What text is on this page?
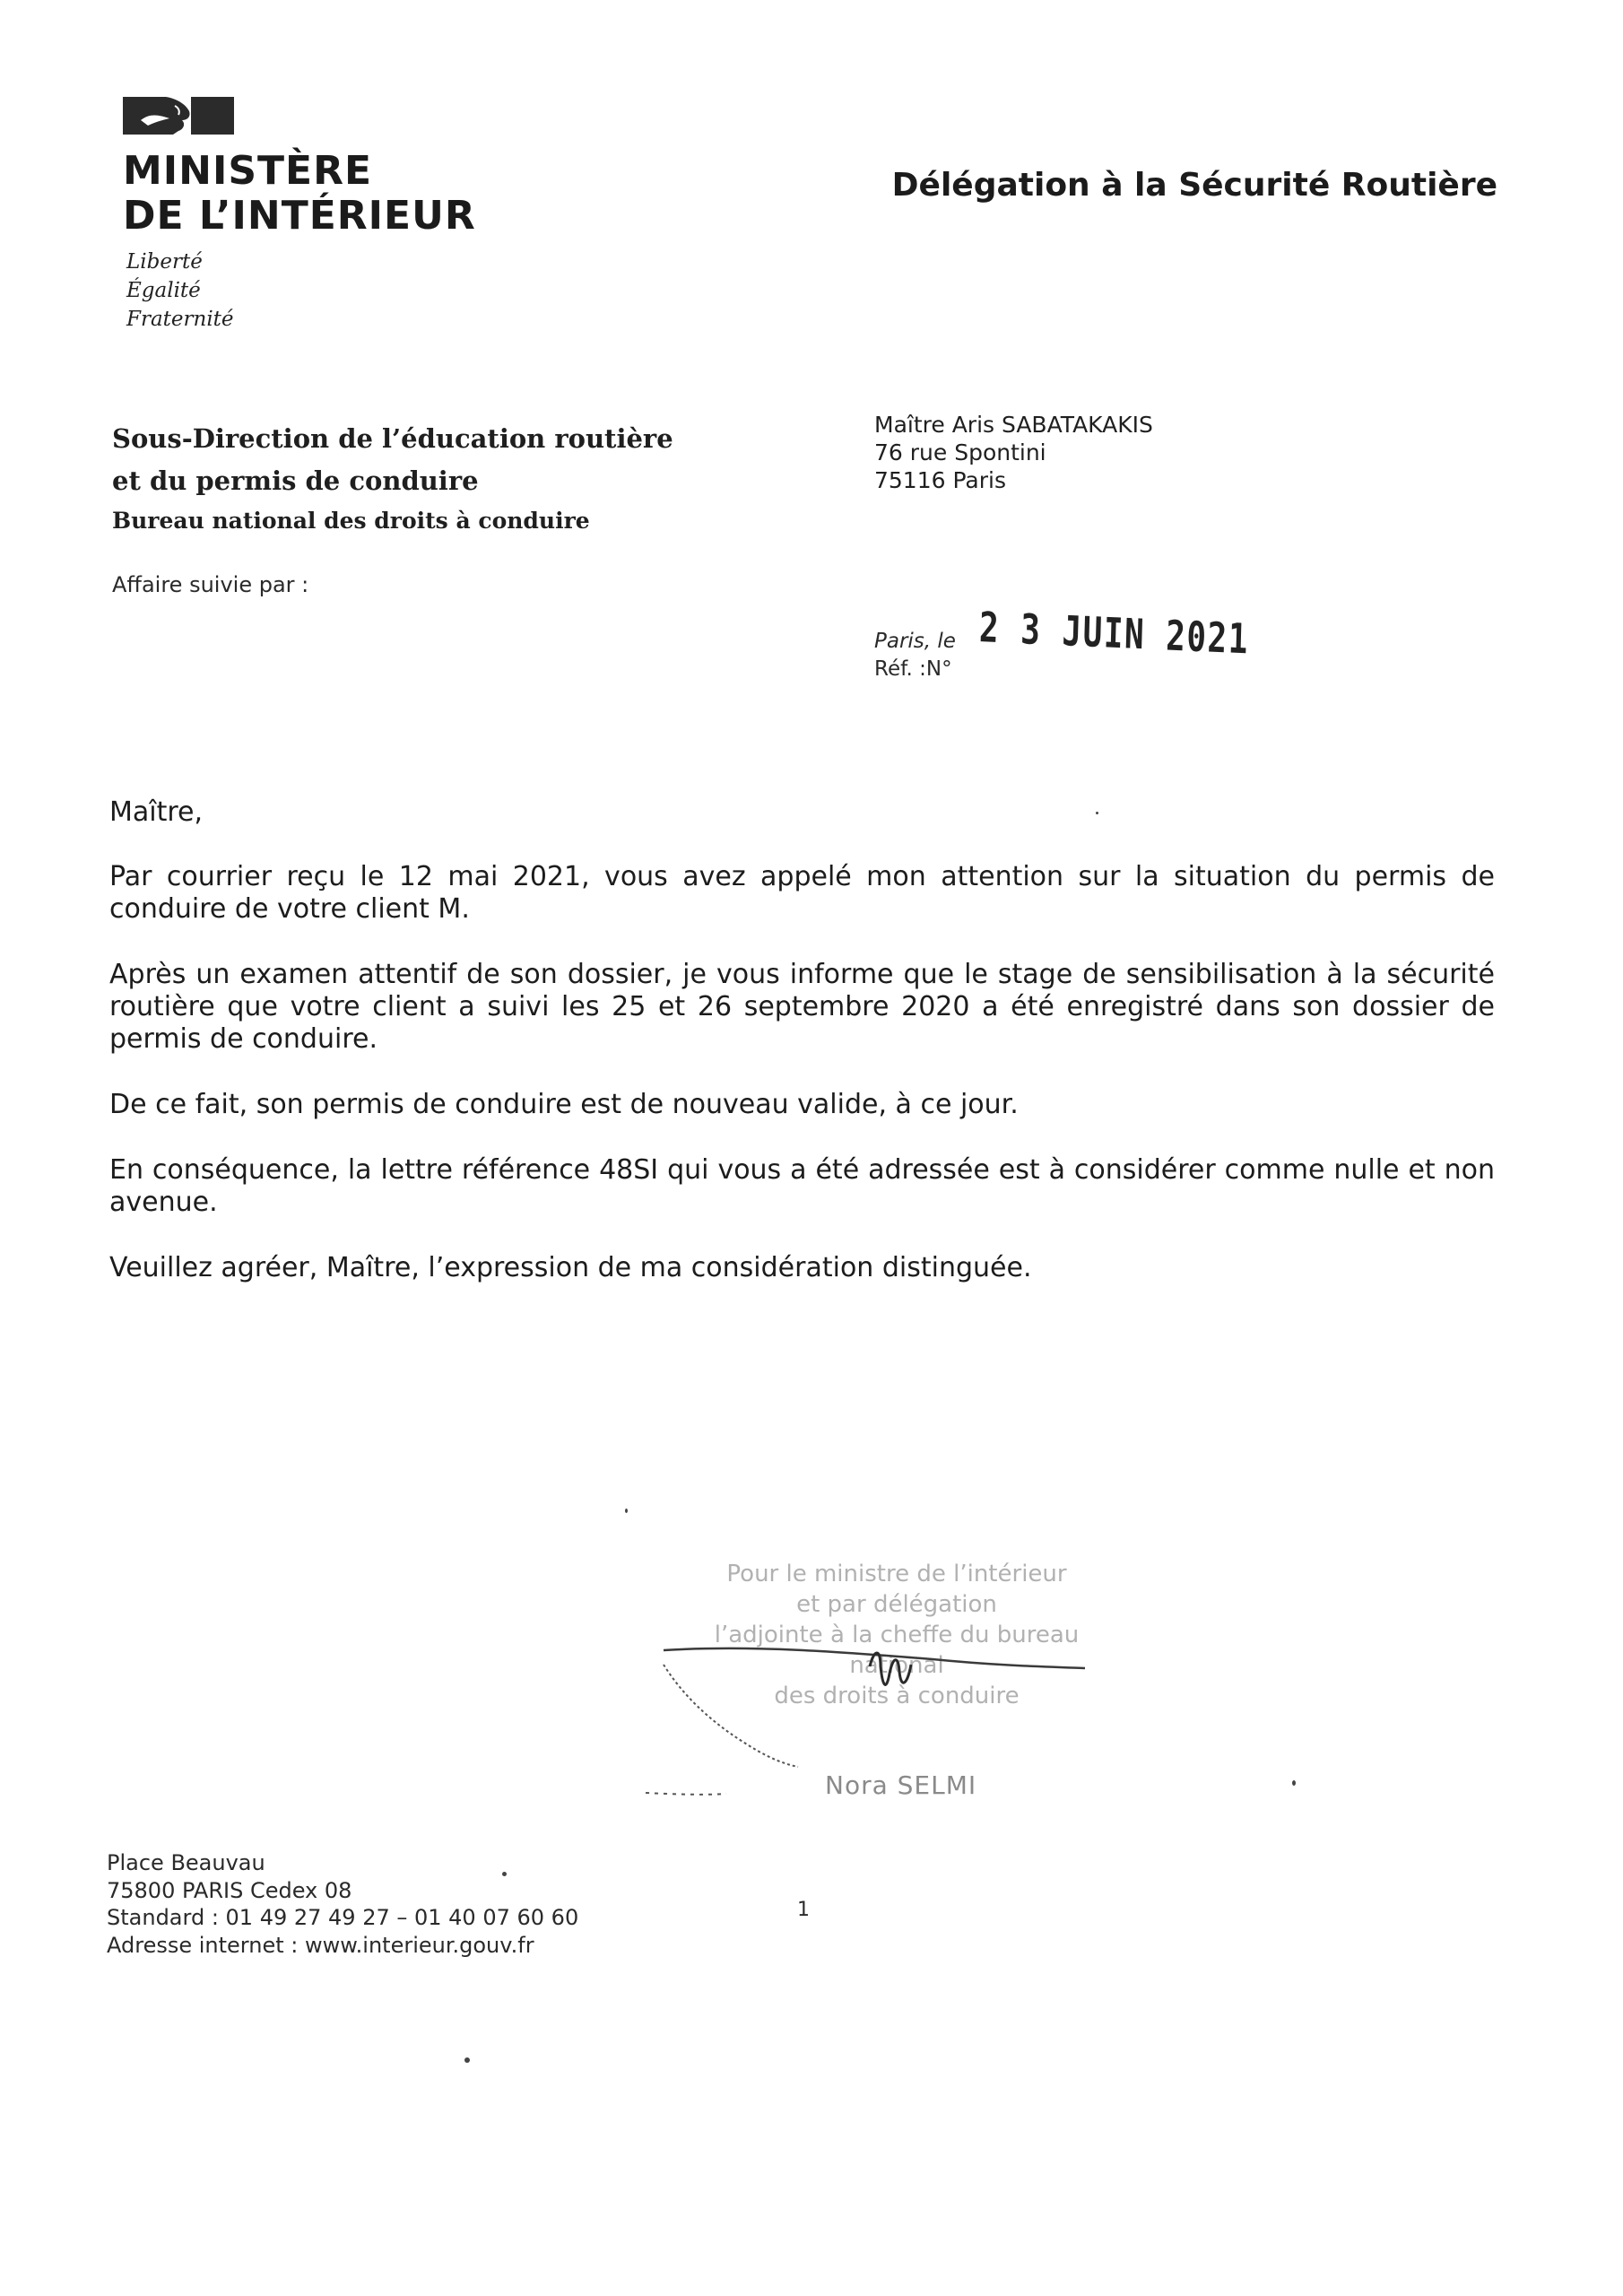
MINISTÈRE
DE L’INTÉRIEUR
Liberté
Égalité
Fraternité
Délégation à la Sécurité Routière
Sous-Direction de l’éducation routière
et du permis de conduire
Bureau national des droits à conduire
Affaire suivie par :
Maître Aris SABATAKAKIS
76 rue Spontini
75116 Paris
Paris, le 2 3 JUIN 2021
Réf. :N°

Maître,

Par courrier reçu le 12 mai 2021, vous avez appelé mon attention sur la situation du permis de conduire de votre client M.

Après un examen attentif de son dossier, je vous informe que le stage de sensibilisation à la sécurité routière que votre client a suivi les 25 et 26 septembre 2020 a été enregistré dans son dossier de permis de conduire.

De ce fait, son permis de conduire est de nouveau valide, à ce jour.

En conséquence, la lettre référence 48SI qui vous a été adressée est à considérer comme nulle et non avenue.

Veuillez agréer, Maître, l’expression de ma considération distinguée.

Pour le ministre de l’intérieur
et par délégation
l’adjointe à la cheffe du bureau national
des droits à conduire
Nora SELMI
Place Beauvau
75800 PARIS Cedex 08
Standard : 01 49 27 49 27 – 01 40 07 60 60
Adresse internet : www.interieur.gouv.fr
1
